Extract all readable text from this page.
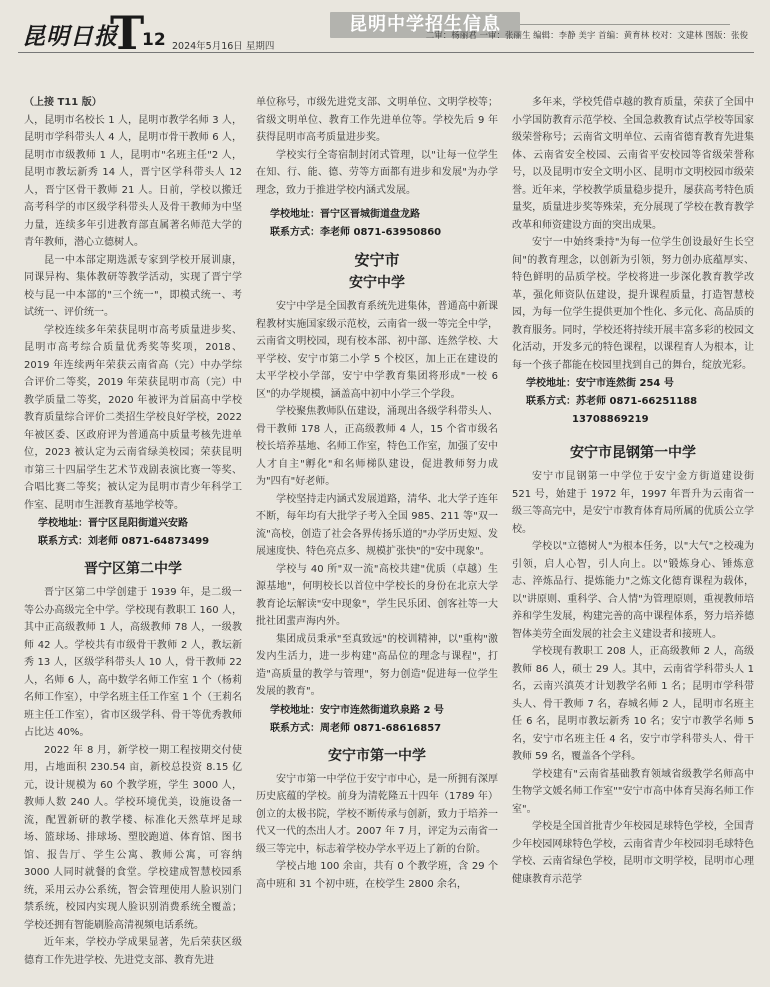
昆明日报
T
12 2024年5月16日 星期四
昆明中学招生信息
二审：杨丽君 一审：张丽生 编辑：李静 美宇 首编：黄育林 校对：文建林 图版：张俊

（上接 T11 版）

人，昆明市名校长 1 人，昆明市教学名师 3 人，昆明市学科带头人 4 人，昆明市骨干教师 6 人，昆明市市级教师 1 人，昆明市"名班主任"2 人，昆明市教坛新秀 14 人，晋宁区学科带头人 12 人，晋宁区骨干教师 21 人。日前，学校以搬迁高考科学的市区级学科带头人及骨干教师为中坚力量，连续多年引进教育部直属著名师范大学的青年教师，潜心立德树人。

昆一中本部定期选派专家到学校开展训康，同课异构、集体教研等教学活动，实现了晋宁学校与昆一中本部的"三个统一"，即模式统一、考试统一、评价统一。

学校连续多年荣获昆明市高考质量进步奖、昆明市高考综合质量优秀奖等奖项，2018、2019 年连续两年荣获云南省高（完）中办学综合评价二等奖，2019 年荣获昆明市高（完）中教学质量二等奖，2020 年被评为首届高中学校教育质量综合评价二类招生学校良好学校，2022 年被区委、区政府评为普通高中质量考核先进单位，2023 被认定为云南省绿美校园；荣获昆明市第三十四届学生艺术节戏剧表演比赛一等奖、合唱比赛二等奖；被认定为昆明市青少年科学工作室、昆明市生涯教育基地学校等。

学校地址：晋宁区昆阳街道兴安路
联系方式：刘老师 0871-64873499
晋宁区第二中学

晋宁区第二中学创建于 1939 年，是二级一等公办高级完全中学。学校现有教职工 160 人，其中正高级教师 1 人，高级教师 78 人，一级教师 42 人。学校共有市级骨干教师 2 人，教坛新秀 13 人，区级学科带头人 10 人，骨干教师 22 人，名师 6 人，高中数学名师工作室 1 个（杨莉名师工作室），中学名班主任工作室 1 个（王莉名班主任工作室），省市区级学科、骨干等优秀教师占比达 40%。

2022 年 8 月，新学校一期工程按期交付使用，占地面积 230.54 亩，新校总投资 8.15 亿元，设计规模为 60 个教学班，学生 3000 人，教师人数 240 人。学校环境优美，设施设备一流，配置新研的教学楼、标准化天然草坪足球场、篮球场、排球场、塑胶跑道、体育馆、图书馆、报告厅、学生公寓、教师公寓，可容纳 3000 人同时就餐的食堂。学校建成智慧校园系统，采用云办公系统，智会管理使用人脸识别门禁系统，校园内实现人脸识别消费系统全覆盖；学校还拥有智能刷脸高清视频电话系统。

近年来，学校办学成果显著，先后荣获区级德育工作先进学校、先进党支部、教育先进

单位称号，市级先进党支部、文明单位、文明学校等；省级文明单位、教育工作先进单位等。学校先后 9 年获得昆明市高考质量进步奖。

学校实行全寄宿制封闭式管理，以"让每一位学生在知、行、能、德、劳等方面都有进步和发展"为办学理念，致力于推进学校内涵式发展。

学校地址：晋宁区晋城街道盘龙路
联系方式：李老师 0871-63950860
安宁市
安宁中学

安宁中学是全国教育系统先进集体，普通高中新课程教材实施国家级示范校，云南省一级一等完全中学，云南省文明校园，现有校本部、初中部、连然学校、大平学校、安宁市第二小学 5 个校区，加上正在建设的太平学校小学部，安宁中学教育集团将形成"一校 6 区"的办学规模，涵盖高中初中小学三个学段。

学校聚焦教师队伍建设，涌现出各级学科带头人、骨干教师 178 人，正高级教师 4 人，15 个省市级名校长培养基地、名师工作室，特色工作室，加强了安中人才自主"孵化"和名师梯队建设，促进教师努力成为"四有"好老师。

学校坚持走内涵式发展道路，清华、北大学子连年不断，每年均有大批学子考入全国 985、211 等"双一流"高校，创造了社会各界传扬乐道的"办学历史短、发展速度快、特色亮点多、规模扩张快"的"安中现象"。

学校与 40 所"双一流"高校共建"优质（卓越）生源基地"，何明校长以首位中学校长的身份在北京大学教育论坛解读"安中现象"，学生民乐团、创客社等一大批社团蜚声海内外。

集团成员秉承"至真致远"的校训精神，以"重构"激发内生活力，进一步构建"高品位的理念与课程"，打造"高质量的教学与管理"，努力创造"促进每一位学生发展的教育"。

学校地址：安宁市连然街道玖泉路 2 号
联系方式：周老师 0871-68616857
安宁市第一中学

安宁市第一中学位于安宁市中心，是一所拥有深厚历史底蕴的学校。前身为清乾隆五十四年（1789 年）创立的太极书院，学校不断传承与创新，致力于培养一代又一代的杰出人才。2007 年 7 月，评定为云南省一级三等完中，标志着学校办学水平迈上了新的台阶。

学校占地 100 余亩，共有 0 个教学班，含 29 个高中班和 31 个初中班，在校学生 2800 余名，

多年来，学校凭借卓越的教育质量，荣获了全国中小学国防教育示范学校、全国急救教育试点学校等国家级荣誉称号；云南省文明单位、云南省德育教育先进集体、云南省安全校园、云南省平安校园等省级荣誉称号，以及昆明市安全文明小区、昆明市文明校园市级荣誉。近年来，学校教学质量稳步提升，屡获高考特色质量奖，质量进步奖等殊荣，充分展现了学校在教育教学改革和师资建设方面的突出成果。

安宁一中始终秉持"为每一位学生创设最好生长空间"的教育理念，以创新为引领，努力创办底蕴厚实、特色鲜明的品质学校。学校将进一步深化教育教学改革，强化师资队伍建设，提升课程质量，打造智慧校园，为每一位学生提供更加个性化、多元化、高品质的教育服务。同时，学校还将持续开展丰富多彩的校园文化活动，开发多元的特色课程，以课程育人为根本，让每一个孩子都能在校园里找到自己的舞台，绽放光彩。

学校地址：安宁市连然街 254 号
联系方式：苏老师 0871-66251188
13708869219
安宁市昆钢第一中学

安宁市昆钢第一中学位于安宁金方街道建设街 521 号，始建于 1972 年，1997 年晋升为云南省一级三等高完中，是安宁市教育体育局所属的优质公立学校。

学校以"立德树人"为根本任务，以"大气"之校魂为引领，启人心智，引人向上。以"锻炼身心、锤炼意志、淬炼品行、提炼能力"之炼文化德育课程为载体，以"讲原则、重科学、合人情"为管理原则，重视教师培养和学生发展，构建完善的高中课程体系，努力培养德智体美劳全面发展的社会主义建设者和接班人。

学校现有教职工 208 人，正高级教师 2 人，高级教师 86 人，硕士 29 人。其中，云南省学科带头人 1 名，云南兴滇英才计划教学名师 1 名；昆明市学科带头人、骨干教师 7 名，春城名师 2 人，昆明市名班主任 6 名，昆明市教坛新秀 10 名；安宁市教学名师 5 名，安宁市名班主任 4 名，安宁市学科带头人、骨干教师 59 名，覆盖各个学科。

学校建有"云南省基础教育领域省级教学名师高中生物学文媛名师工作室""安宁市高中体育吴海名师工作室"。

学校是全国首批青少年校园足球特色学校，全国青少年校园网球特色学校，云南省青少年校园羽毛球特色学校、云南省绿色学校，昆明市文明学校，昆明市心理健康教育示范学
